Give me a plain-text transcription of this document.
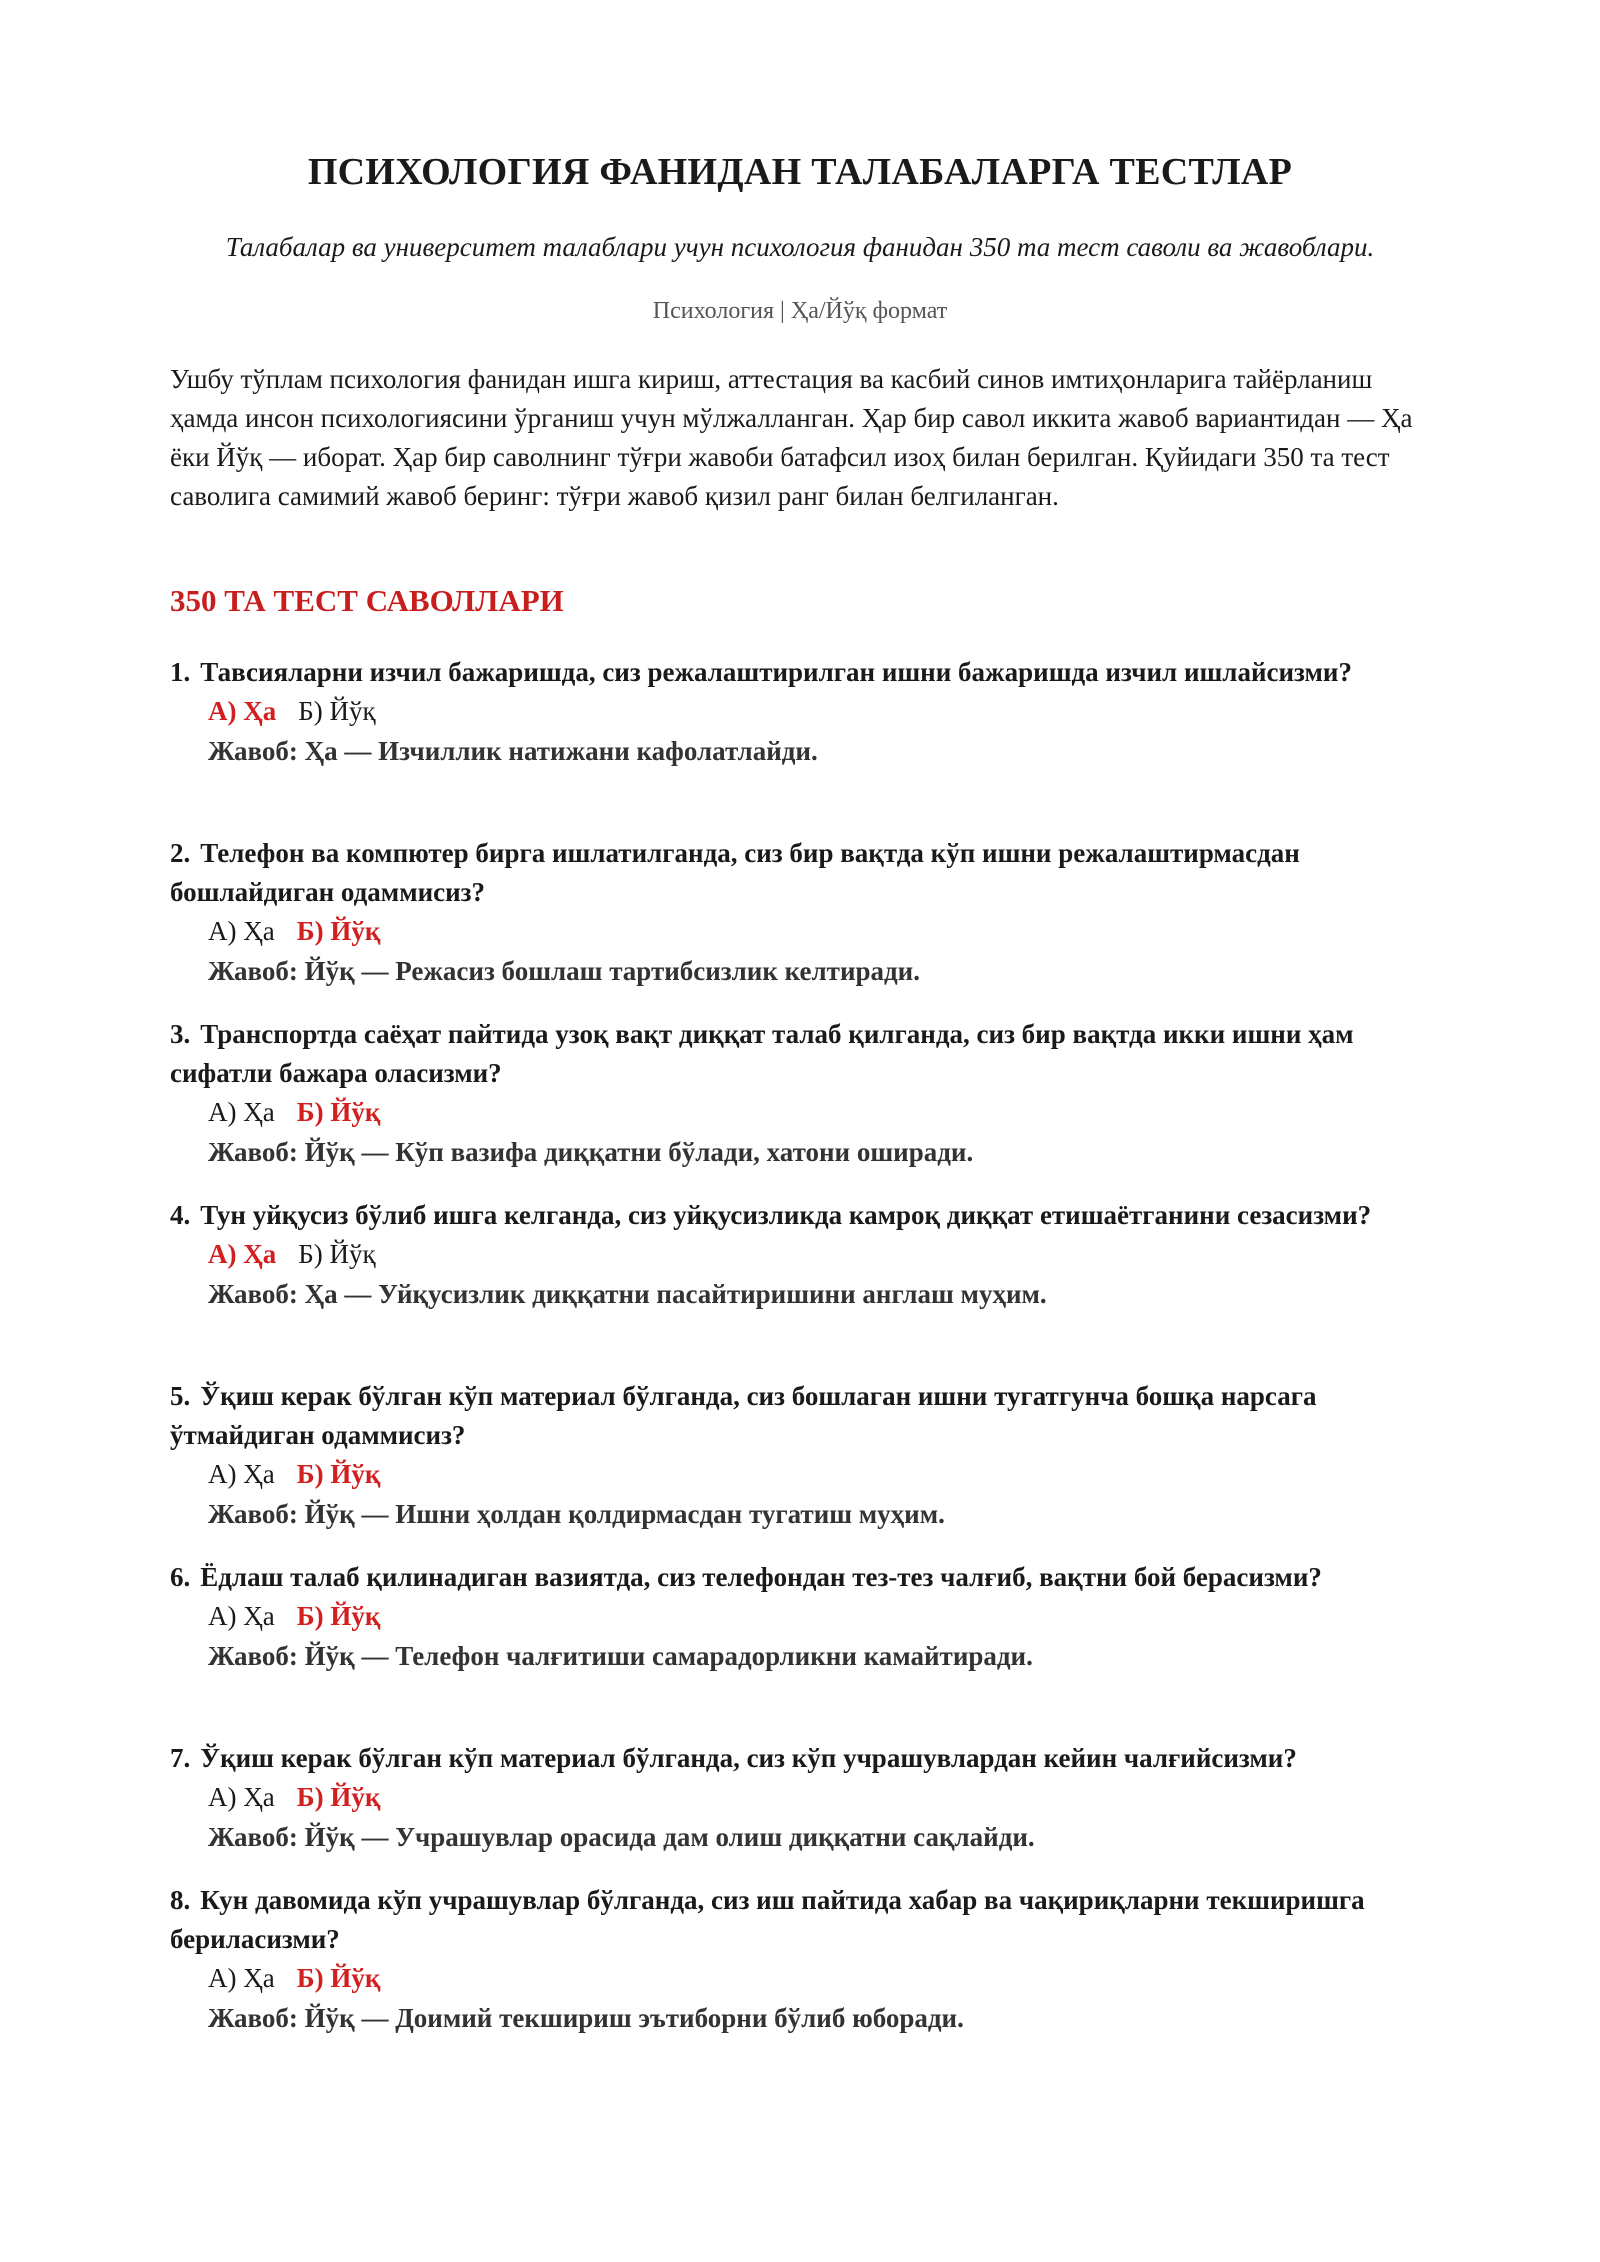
ПСИХОЛОГИЯ ФАНИДАН ТАЛАБАЛАРГА ТЕСТЛАР

Талабалар ва университет талаблари учун психология фанидан 350 та тест саволи ва жавоблари.

Психология | Ҳа/Йўқ формат

Ушбу тўплам психология фанидан ишга кириш, аттестация ва касбий синов имтиҳонларига тайёрланиш ҳамда инсон психологиясини ўрганиш учун мўлжалланган. Ҳар бир савол иккита жавоб вариантидан — Ҳа ёки Йўқ — иборат. Ҳар бир саволнинг тўғри жавоби батафсил изоҳ билан берилган. Қуйидаги 350 та тест саволига самимий жавоб беринг: тўғри жавоб қизил ранг билан белгиланган.

350 ТА ТЕСТ САВОЛЛАРИ

1. Тавсияларни изчил бажаришда, сиз режалаштирилган ишни бажаришда изчил ишлайсизми?

А) Ҳа Б) Йўқ

Жавоб: Ҳа — Изчиллик натижани кафолатлайди.

2. Телефон ва компютер бирга ишлатилганда, сиз бир вақтда кўп ишни режалаштирмасдан бошлайдиган одаммисиз?

А) Ҳа Б) Йўқ

Жавоб: Йўқ — Режасиз бошлаш тартибсизлик келтиради.

3. Транспортда саёҳат пайтида узоқ вақт диққат талаб қилганда, сиз бир вақтда икки ишни ҳам сифатли бажара оласизми?

А) Ҳа Б) Йўқ

Жавоб: Йўқ — Кўп вазифа диққатни бўлади, хатони оширади.

4. Тун уйқусиз бўлиб ишга келганда, сиз уйқусизликда камроқ диққат етишаётганини сезасизми?

А) Ҳа Б) Йўқ

Жавоб: Ҳа — Уйқусизлик диққатни пасайтиришини англаш муҳим.

5. Ўқиш керак бўлган кўп материал бўлганда, сиз бошлаган ишни тугатгунча бошқа нарсага ўтмайдиган одаммисиз?

А) Ҳа Б) Йўқ

Жавоб: Йўқ — Ишни ҳолдан қолдирмасдан тугатиш муҳим.

6. Ёдлаш талаб қилинадиган вазиятда, сиз телефондан тез-тез чалғиб, вақтни бой берасизми?

А) Ҳа Б) Йўқ

Жавоб: Йўқ — Телефон чалғитиши самарадорликни камайтиради.

7. Ўқиш керак бўлган кўп материал бўлганда, сиз кўп учрашувлардан кейин чалғийсизми?

А) Ҳа Б) Йўқ

Жавоб: Йўқ — Учрашувлар орасида дам олиш диққатни сақлайди.

8. Кун давомида кўп учрашувлар бўлганда, сиз иш пайтида хабар ва чақириқларни текширишга бериласизми?

А) Ҳа Б) Йўқ

Жавоб: Йўқ — Доимий текшириш эътиборни бўлиб юборади.
